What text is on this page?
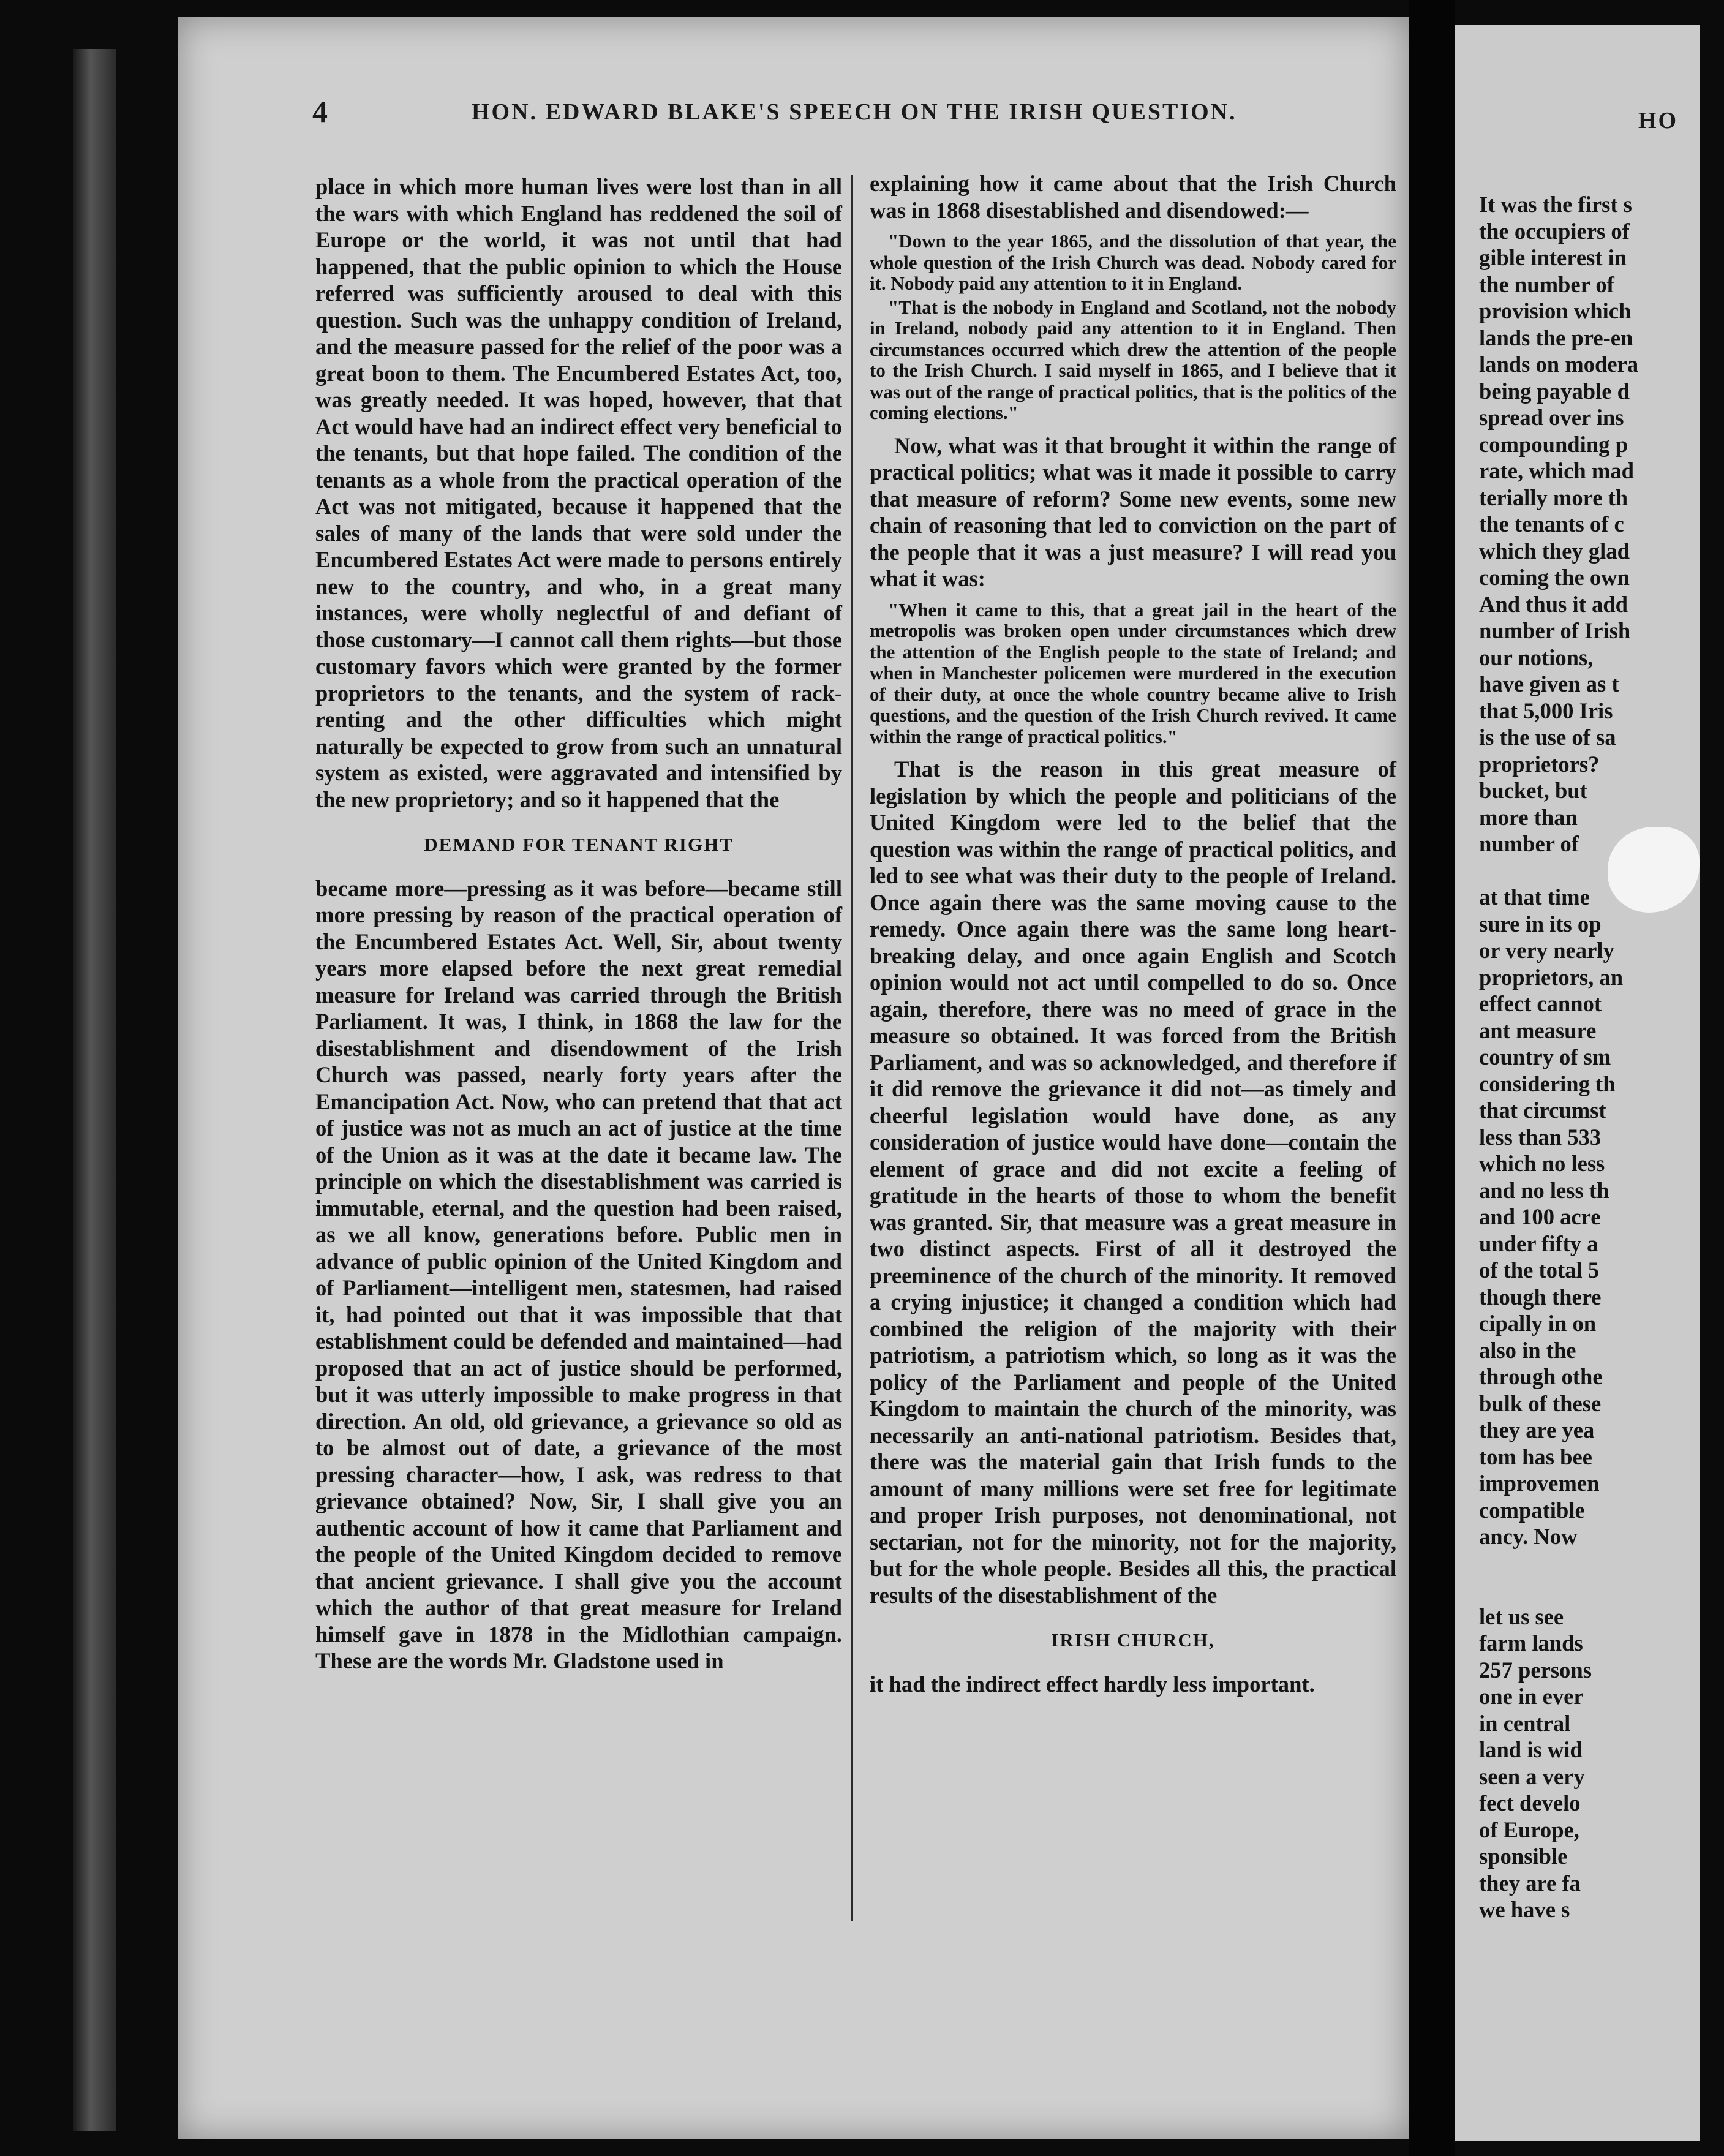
4	HON. EDWARD BLAKE'S SPEECH ON THE IRISH QUESTION.

place in which more human lives were lost than in all the wars with which England has reddened the soil of Europe or the world, it was not until that had happened, that the public opinion to which the House referred was sufficiently aroused to deal with this question. Such was the unhappy condition of Ireland, and the measure passed for the relief of the poor was a great boon to them. The Encumbered Estates Act, too, was greatly needed. It was hoped, however, that that Act would have had an indirect effect very beneficial to the tenants, but that hope failed. The condition of the tenants as a whole from the practical operation of the Act was not mitigated, because it happened that the sales of many of the lands that were sold under the Encumbered Estates Act were made to persons entirely new to the country, and who, in a great many instances, were wholly neglectful of and defiant of those customary—I cannot call them rights—but those customary favors which were granted by the former proprietors to the tenants, and the system of rack-renting and the other difficulties which might naturally be expected to grow from such an unnatural system as existed, were aggravated and intensified by the new proprietory; and so it happened that the

DEMAND FOR TENANT RIGHT

became more—pressing as it was before—became still more pressing by reason of the practical operation of the Encumbered Estates Act. Well, Sir, about twenty years more elapsed before the next great remedial measure for Ireland was carried through the British Parliament. It was, I think, in 1868 the law for the disestablishment and disendowment of the Irish Church was passed, nearly forty years after the Emancipation Act. Now, who can pretend that that act of justice was not as much an act of justice at the time of the Union as it was at the date it became law. The principle on which the disestablishment was carried is immutable, eternal, and the question had been raised, as we all know, generations before. Public men in advance of public opinion of the United Kingdom and of Parliament—intelligent men, statesmen, had raised it, had pointed out that it was impossible that that establishment could be defended and maintained—had proposed that an act of justice should be performed, but it was utterly impossible to make progress in that direction. An old, old grievance, a grievance so old as to be almost out of date, a grievance of the most pressing character—how, I ask, was redress to that grievance obtained? Now, Sir, I shall give you an authentic account of how it came that Parliament and the people of the United Kingdom decided to remove that ancient grievance. I shall give you the account which the author of that great measure for Ireland himself gave in 1878 in the Midlothian campaign. These are the words Mr. Gladstone used in

explaining how it came about that the Irish Church was in 1868 disestablished and disendowed:—

"Down to the year 1865, and the dissolution of that year, the whole question of the Irish Church was dead. Nobody cared for it. Nobody paid any attention to it in England.

"That is the nobody in England and Scotland, not the nobody in Ireland, nobody paid any attention to it in England. Then circumstances occurred which drew the attention of the people to the Irish Church. I said myself in 1865, and I believe that it was out of the range of practical politics, that is the politics of the coming elections."

Now, what was it that brought it within the range of practical politics; what was it made it possible to carry that measure of reform? Some new events, some new chain of reasoning that led to conviction on the part of the people that it was a just measure? I will read you what it was:

"When it came to this, that a great jail in the heart of the metropolis was broken open under circumstances which drew the attention of the English people to the state of Ireland; and when in Manchester policemen were murdered in the execution of their duty, at once the whole country became alive to Irish questions, and the question of the Irish Church revived. It came within the range of practical politics."

That is the reason in this great measure of legislation by which the people and politicians of the United Kingdom were led to the belief that the question was within the range of practical politics, and led to see what was their duty to the people of Ireland. Once again there was the same moving cause to the remedy. Once again there was the same long heart-breaking delay, and once again English and Scotch opinion would not act until compelled to do so. Once again, therefore, there was no meed of grace in the measure so obtained. It was forced from the British Parliament, and was so acknowledged, and therefore if it did remove the grievance it did not—as timely and cheerful legislation would have done, as any consideration of justice would have done—contain the element of grace and did not excite a feeling of gratitude in the hearts of those to whom the benefit was granted. Sir, that measure was a great measure in two distinct aspects. First of all it destroyed the preeminence of the church of the minority. It removed a crying injustice; it changed a condition which had combined the religion of the majority with their patriotism, a patriotism which, so long as it was the policy of the Parliament and people of the United Kingdom to maintain the church of the minority, was necessarily an anti-national patriotism. Besides that, there was the material gain that Irish funds to the amount of many millions were set free for legitimate and proper Irish purposes, not denominational, not sectarian, not for the minority, not for the majority, but for the whole people. Besides all this, the practical results of the disestablishment of the

IRISH CHURCH,

it had the indirect effect hardly less important.

HO
It was the first s
the occupiers of
gible interest in
the number of
provision which
lands the pre-en
lands on modera
being payable d
spread over ins
compounding p
rate, which mad
terially more th
the tenants of c
which they glad
coming the own
And thus it add
number of Irish
our notions,
have given as t
that 5,000 Iris
is the use of sa
proprietors?
bucket, but
more than
number of
at that time
sure in its op
or very nearly
proprietors, an
effect cannot
ant measure
country of sm
considering th
that circumst
less than 533
which no less
and no less th
and 100 acre
under fifty a
of the total 5
though there
cipally in on
also in the
through othe
bulk of these
they are yea
tom has bee
improvemen
compatible
ancy. Now
let us see
farm lands
257 persons
one in ever
in central
land is wid
seen a very
fect develo
of Europe,
sponsible
they are fa
we have s
